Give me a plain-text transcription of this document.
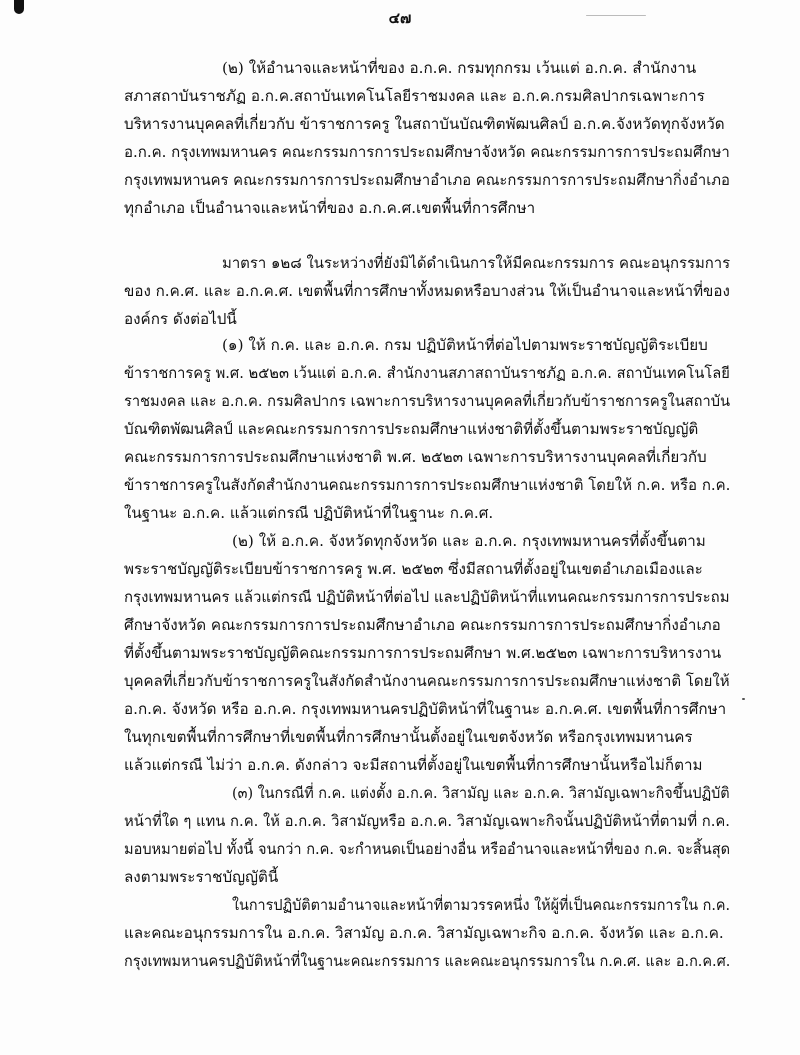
๔๗
(๒) ให้อำนาจและหน้าที่ของ อ.ก.ค. กรมทุกกรม เว้นแต่ อ.ก.ค. สำนักงาน
สภาสถาบันราชภัฏ อ.ก.ค.สถาบันเทคโนโลยีราชมงคล และ อ.ก.ค.กรมศิลปากรเฉพาะการ
บริหารงานบุคคลที่เกี่ยวกับ ข้าราชการครู ในสถาบันบัณฑิตพัฒนศิลป์ อ.ก.ค.จังหวัดทุกจังหวัด
อ.ก.ค. กรุงเทพมหานคร คณะกรรมการการประถมศึกษาจังหวัด คณะกรรมการการประถมศึกษา
กรุงเทพมหานคร คณะกรรมการการประถมศึกษาอำเภอ คณะกรรมการการประถมศึกษากิ่งอำเภอ
ทุกอำเภอ เป็นอำนาจและหน้าที่ของ อ.ก.ค.ศ.เขตพื้นที่การศึกษา
มาตรา ๑๒๘ ในระหว่างที่ยังมิได้ดำเนินการให้มีคณะกรรมการ คณะอนุกรรมการ
ของ ก.ค.ศ. และ อ.ก.ค.ศ. เขตพื้นที่การศึกษาทั้งหมดหรือบางส่วน ให้เป็นอำนาจและหน้าที่ของ
องค์กร ดังต่อไปนี้
(๑) ให้ ก.ค. และ อ.ก.ค. กรม ปฏิบัติหน้าที่ต่อไปตามพระราชบัญญัติระเบียบ
ข้าราชการครู พ.ศ. ๒๕๒๓ เว้นแต่ อ.ก.ค. สำนักงานสภาสถาบันราชภัฏ อ.ก.ค. สถาบันเทคโนโลยี
ราชมงคล และ อ.ก.ค. กรมศิลปากร เฉพาะการบริหารงานบุคคลที่เกี่ยวกับข้าราชการครูในสถาบัน
บัณฑิตพัฒนศิลป์ และคณะกรรมการการประถมศึกษาแห่งชาติที่ตั้งขึ้นตามพระราชบัญญัติ
คณะกรรมการการประถมศึกษาแห่งชาติ พ.ศ. ๒๕๒๓ เฉพาะการบริหารงานบุคคลที่เกี่ยวกับ
ข้าราชการครูในสังกัดสำนักงานคณะกรรมการการประถมศึกษาแห่งชาติ โดยให้ ก.ค. หรือ ก.ค.
ในฐานะ อ.ก.ค. แล้วแต่กรณี ปฏิบัติหน้าที่ในฐานะ ก.ค.ศ.
(๒) ให้ อ.ก.ค. จังหวัดทุกจังหวัด และ อ.ก.ค. กรุงเทพมหานครที่ตั้งขึ้นตาม
พระราชบัญญัติระเบียบข้าราชการครู พ.ศ. ๒๕๒๓ ซึ่งมีสถานที่ตั้งอยู่ในเขตอำเภอเมืองและ
กรุงเทพมหานคร แล้วแต่กรณี ปฏิบัติหน้าที่ต่อไป และปฏิบัติหน้าที่แทนคณะกรรมการการประถม
ศึกษาจังหวัด คณะกรรมการการประถมศึกษาอำเภอ คณะกรรมการการประถมศึกษากิ่งอำเภอ
ที่ตั้งขึ้นตามพระราชบัญญัติคณะกรรมการการประถมศึกษา พ.ศ.๒๕๒๓ เฉพาะการบริหารงาน
บุคคลที่เกี่ยวกับข้าราชการครูในสังกัดสำนักงานคณะกรรมการการประถมศึกษาแห่งชาติ โดยให้
อ.ก.ค. จังหวัด หรือ อ.ก.ค. กรุงเทพมหานครปฏิบัติหน้าที่ในฐานะ อ.ก.ค.ศ. เขตพื้นที่การศึกษา
ในทุกเขตพื้นที่การศึกษาที่เขตพื้นที่การศึกษานั้นตั้งอยู่ในเขตจังหวัด หรือกรุงเทพมหานคร
แล้วแต่กรณี ไม่ว่า อ.ก.ค. ดังกล่าว จะมีสถานที่ตั้งอยู่ในเขตพื้นที่การศึกษานั้นหรือไม่ก็ตาม
(๓) ในกรณีที่ ก.ค. แต่งตั้ง อ.ก.ค. วิสามัญ และ อ.ก.ค. วิสามัญเฉพาะกิจขึ้นปฏิบัติ
หน้าที่ใด ๆ แทน ก.ค. ให้ อ.ก.ค. วิสามัญหรือ อ.ก.ค. วิสามัญเฉพาะกิจนั้นปฏิบัติหน้าที่ตามที่ ก.ค.
มอบหมายต่อไป ทั้งนี้ จนกว่า ก.ค. จะกำหนดเป็นอย่างอื่น หรืออำนาจและหน้าที่ของ ก.ค. จะสิ้นสุด
ลงตามพระราชบัญญัตินี้
ในการปฏิบัติตามอำนาจและหน้าที่ตามวรรคหนึ่ง ให้ผู้ที่เป็นคณะกรรมการใน ก.ค.
และคณะอนุกรรมการใน อ.ก.ค. วิสามัญ อ.ก.ค. วิสามัญเฉพาะกิจ อ.ก.ค. จังหวัด และ อ.ก.ค.
กรุงเทพมหานครปฏิบัติหน้าที่ในฐานะคณะกรรมการ และคณะอนุกรรมการใน ก.ค.ศ. และ อ.ก.ค.ศ.
